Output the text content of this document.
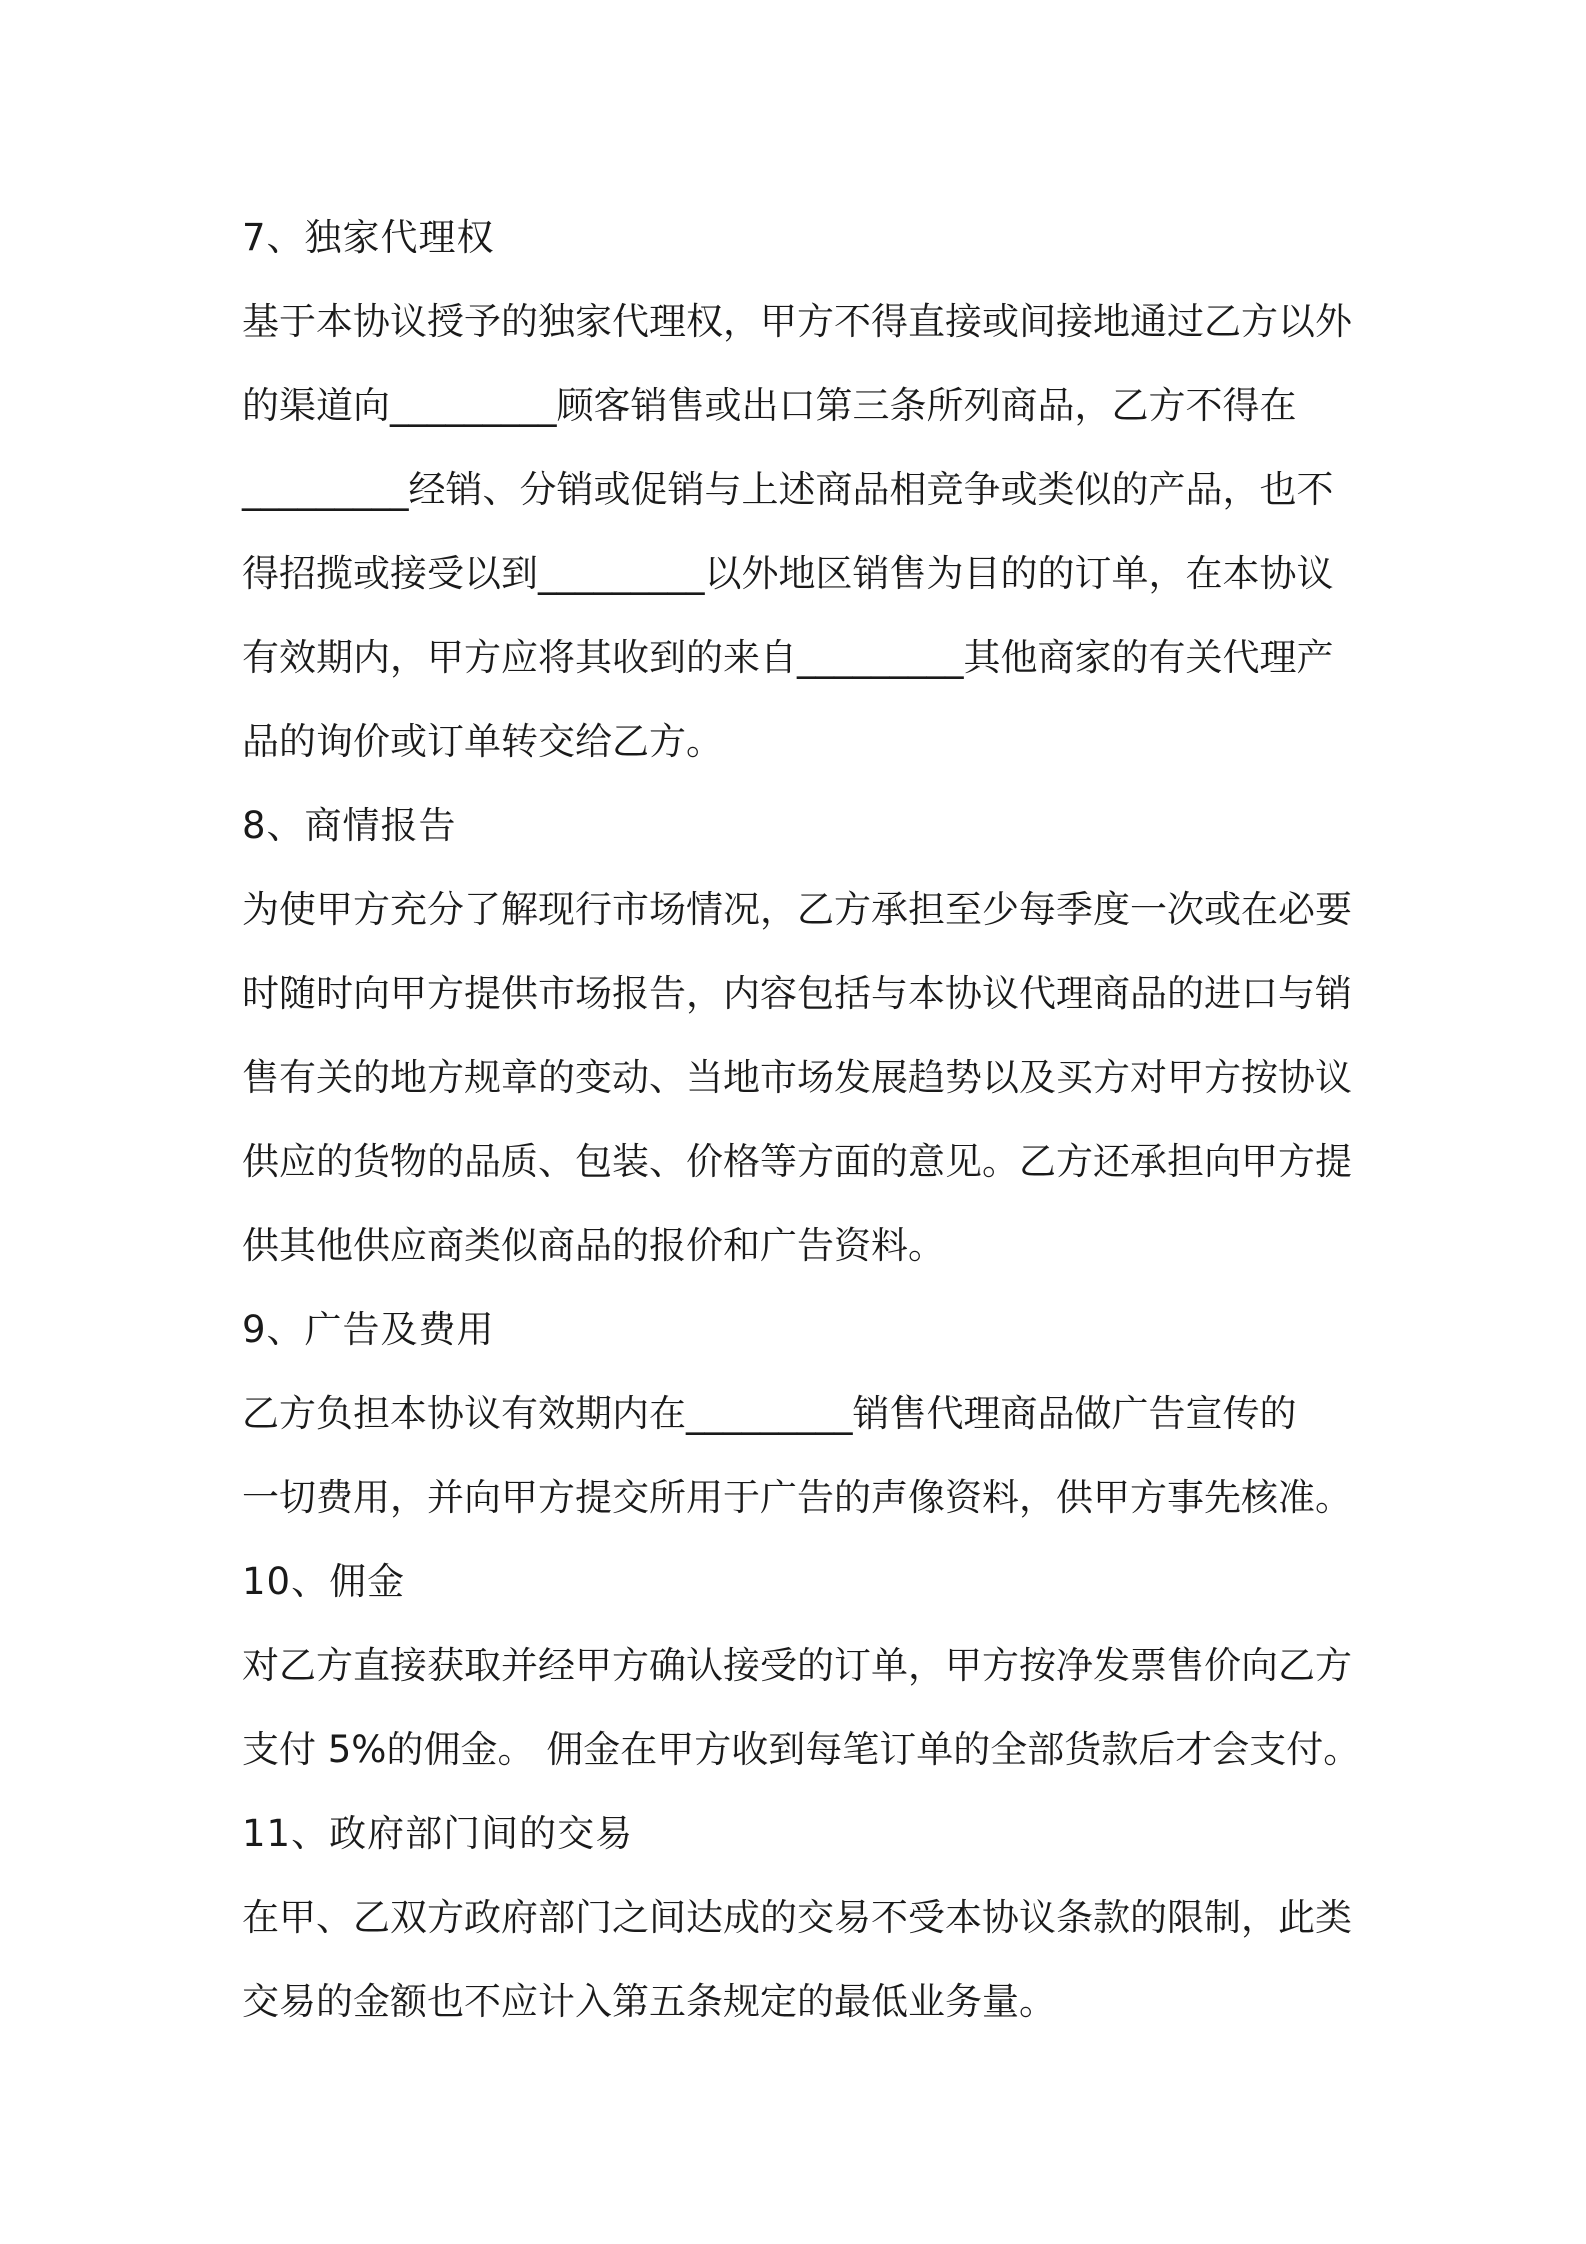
7、独家代理权
基于本协议授予的独家代理权，甲方不得直接或间接地通过乙方以外
的渠道向_________顾客销售或出口第三条所列商品，乙方不得在
_________经销、分销或促销与上述商品相竞争或类似的产品，也不
得招揽或接受以到_________以外地区销售为目的的订单，在本协议
有效期内，甲方应将其收到的来自_________其他商家的有关代理产
品的询价或订单转交给乙方。
8、商情报告
为使甲方充分了解现行市场情况，乙方承担至少每季度一次或在必要
时随时向甲方提供市场报告，内容包括与本协议代理商品的进口与销
售有关的地方规章的变动、当地市场发展趋势以及买方对甲方按协议
供应的货物的品质、包装、价格等方面的意见。乙方还承担向甲方提
供其他供应商类似商品的报价和广告资料。
9、广告及费用
乙方负担本协议有效期内在_________销售代理商品做广告宣传的
一切费用，并向甲方提交所用于广告的声像资料，供甲方事先核准。
10、佣金
对乙方直接获取并经甲方确认接受的订单，甲方按净发票售价向乙方
支付 5%的佣金。 佣金在甲方收到每笔订单的全部货款后才会支付。
11、政府部门间的交易
在甲、乙双方政府部门之间达成的交易不受本协议条款的限制，此类
交易的金额也不应计入第五条规定的最低业务量。
